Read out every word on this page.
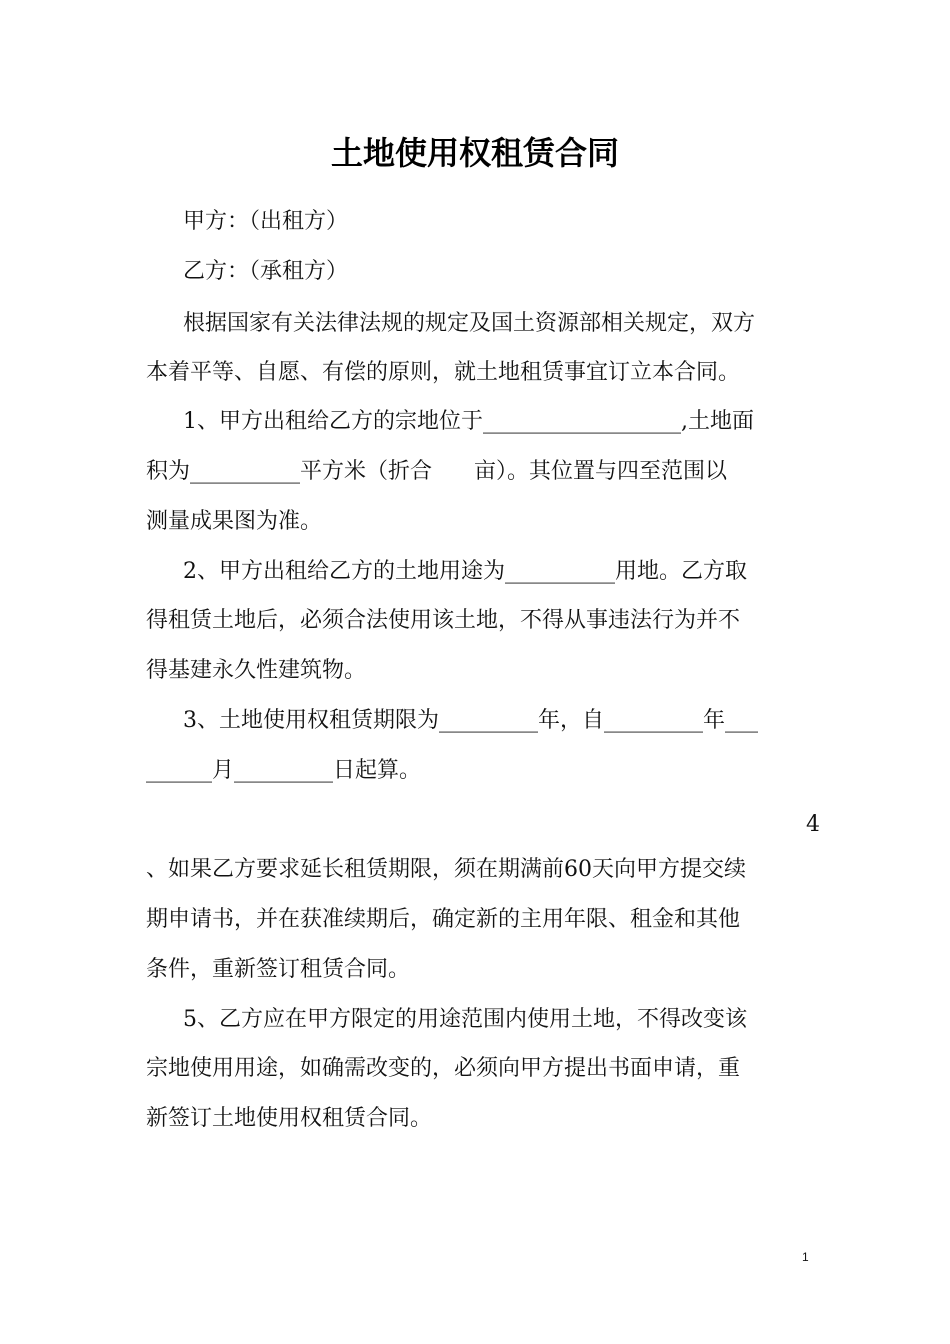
土地使用权租赁合同
甲方：（出租方）
乙方：（承租方）
根据国家有关法律法规的规定及国土资源部相关规定，双方
本着平等、自愿、有偿的原则，就土地租赁事宜订立本合同。
1、甲方出租给乙方的宗地位于__________________,土地面
积为__________平方米（折合      亩）。其位置与四至范围以
测量成果图为准。
2、甲方出租给乙方的土地用途为__________用地。乙方取
得租赁土地后，必须合法使用该土地，不得从事违法行为并不
得基建永久性建筑物。
3、土地使用权租赁期限为_________年，自_________年___
______月_________日起算。
4
、如果乙方要求延长租赁期限，须在期满前60天向甲方提交续
期申请书，并在获准续期后，确定新的主用年限、租金和其他
条件，重新签订租赁合同。
5、乙方应在甲方限定的用途范围内使用土地，不得改变该
宗地使用用途，如确需改变的，必须向甲方提出书面申请，重
新签订土地使用权租赁合同。
1
